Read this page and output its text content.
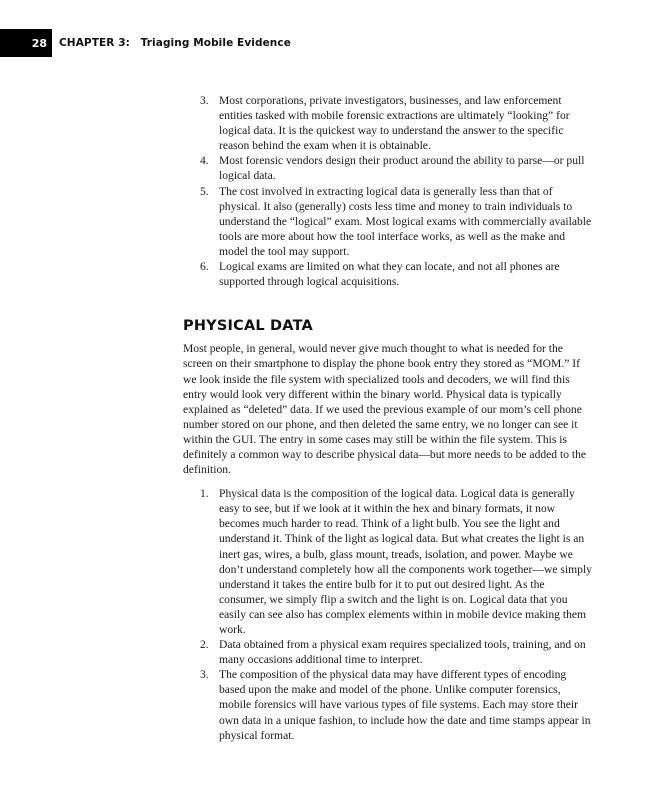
28	CHAPTER 3: Triaging Mobile Evidence
3. Most corporations, private investigators, businesses, and law enforcement entities tasked with mobile forensic extractions are ultimately “looking” for logical data. It is the quickest way to understand the answer to the specific reason behind the exam when it is obtainable.
4. Most forensic vendors design their product around the ability to parse—or pull logical data.
5. The cost involved in extracting logical data is generally less than that of physical. It also (generally) costs less time and money to train individuals to understand the “logical” exam. Most logical exams with commercially available tools are more about how the tool interface works, as well as the make and model the tool may support.
6. Logical exams are limited on what they can locate, and not all phones are supported through logical acquisitions.
PHYSICAL DATA

Most people, in general, would never give much thought to what is needed for the screen on their smartphone to display the phone book entry they stored as “MOM.” If we look inside the file system with specialized tools and decoders, we will find this entry would look very different within the binary world. Physical data is typically explained as “deleted” data. If we used the previous example of our mom’s cell phone number stored on our phone, and then deleted the same entry, we no longer can see it within the GUI. The entry in some cases may still be within the file system. This is definitely a common way to describe physical data—but more needs to be added to the definition.

1. Physical data is the composition of the logical data. Logical data is generally easy to see, but if we look at it within the hex and binary formats, it now becomes much harder to read. Think of a light bulb. You see the light and understand it. Think of the light as logical data. But what creates the light is an inert gas, wires, a bulb, glass mount, treads, isolation, and power. Maybe we don’t understand completely how all the components work together—we simply understand it takes the entire bulb for it to put out desired light. As the consumer, we simply flip a switch and the light is on. Logical data that you easily can see also has complex elements within in mobile device making them work.
2. Data obtained from a physical exam requires specialized tools, training, and on many occasions additional time to interpret.
3. The composition of the physical data may have different types of encoding based upon the make and model of the phone. Unlike computer forensics, mobile forensics will have various types of file systems. Each may store their own data in a unique fashion, to include how the date and time stamps appear in physical format.
